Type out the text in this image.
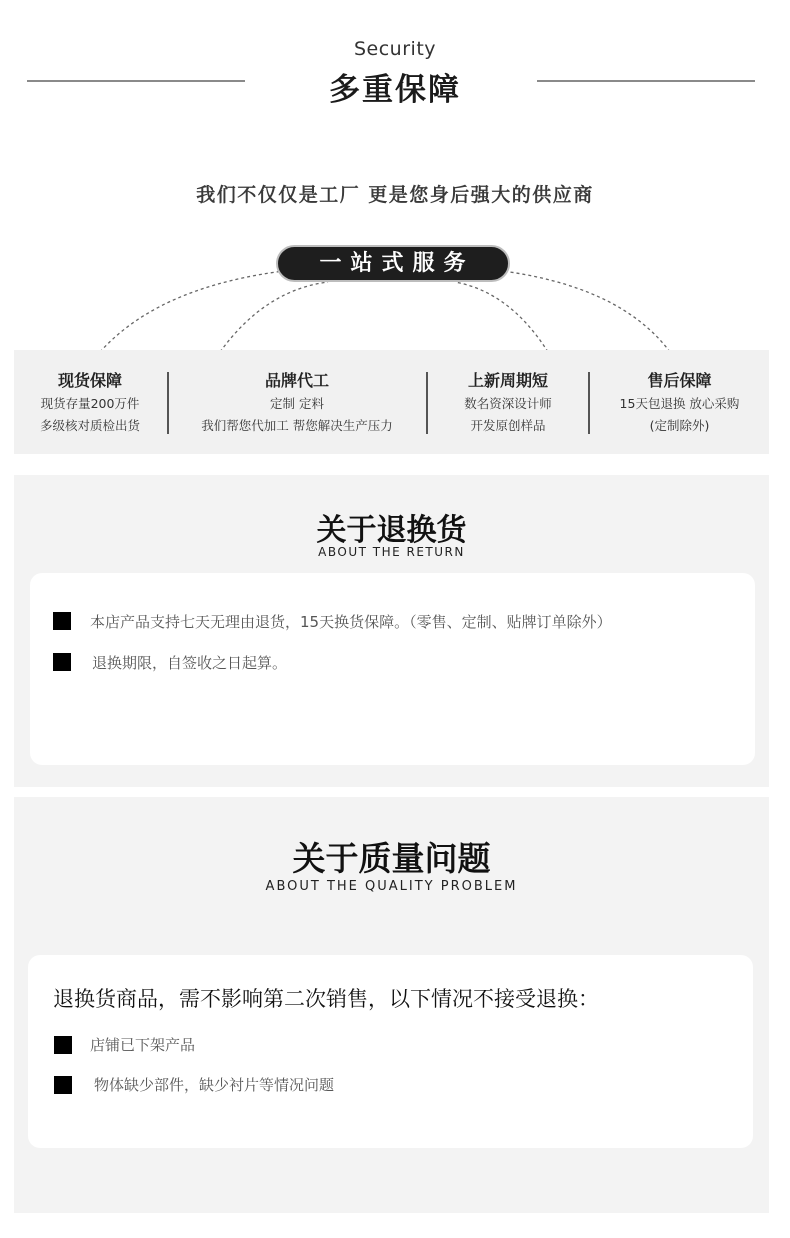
Security
多重保障
我们不仅仅是工厂 更是您身后强大的供应商
一站式服务
现货保障
现货存量200万件
多级核对质检出货
品牌代工
定制 定料
我们帮您代加工 帮您解决生产压力
上新周期短
数名资深设计师
开发原创样品
售后保障
15天包退换 放心采购
(定制除外)
关于退换货
ABOUT THE RETURN
本店产品支持七天无理由退货，15天换货保障。（零售、定制、贴牌订单除外）
退换期限，自签收之日起算。
关于质量问题
ABOUT THE QUALITY PROBLEM
退换货商品，需不影响第二次销售，以下情况不接受退换：
店铺已下架产品
物体缺少部件，缺少衬片等情况问题
